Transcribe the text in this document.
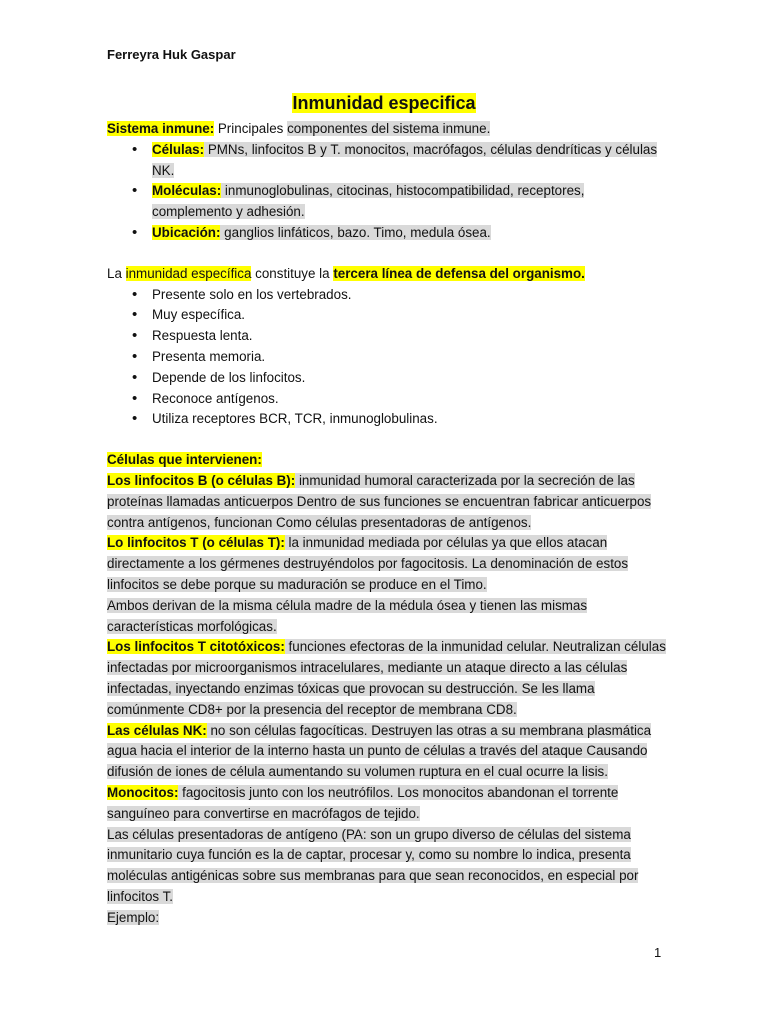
Ferreyra Huk Gaspar
Inmunidad especifica

Sistema inmune: Principales componentes del sistema inmune.

• Células: PMNs, linfocitos B y T. monocitos, macrófagos, células dendríticas y células NK.
• Moléculas: inmunoglobulinas, citocinas, histocompatibilidad, receptores, complemento y adhesión.
• Ubicación: ganglios linfáticos, bazo. Timo, medula ósea.

La inmunidad específica constituye la tercera línea de defensa del organismo.

• Presente solo en los vertebrados.
• Muy específica.
• Respuesta lenta.
• Presenta memoria.
• Depende de los linfocitos.
• Reconoce antígenos.
• Utiliza receptores BCR, TCR, inmunoglobulinas.

Células que intervienen:

Los linfocitos B (o células B): inmunidad humoral caracterizada por la secreción de las proteínas llamadas anticuerpos Dentro de sus funciones se encuentran fabricar anticuerpos contra antígenos, funcionan Como células presentadoras de antígenos.

Lo linfocitos T (o células T): la inmunidad mediada por células ya que ellos atacan directamente a los gérmenes destruyéndolos por fagocitosis. La denominación de estos linfocitos se debe porque su maduración se produce en el Timo.

Ambos derivan de la misma célula madre de la médula ósea y tienen las mismas características morfológicas.

Los linfocitos T citotóxicos: funciones efectoras de la inmunidad celular. Neutralizan células infectadas por microorganismos intracelulares, mediante un ataque directo a las células infectadas, inyectando enzimas tóxicas que provocan su destrucción. Se les llama comúnmente CD8+ por la presencia del receptor de membrana CD8.

Las células NK: no son células fagocíticas. Destruyen las otras a su membrana plasmática agua hacia el interior de la interno hasta un punto de células a través del ataque Causando difusión de iones de célula aumentando su volumen ruptura en el cual ocurre la lisis.

Monocitos: fagocitosis junto con los neutrófilos. Los monocitos abandonan el torrente sanguíneo para convertirse en macrófagos de tejido.

Las células presentadoras de antígeno (PA: son un grupo diverso de células del sistema inmunitario cuya función es la de captar, procesar y, como su nombre lo indica, presenta moléculas antigénicas sobre sus membranas para que sean reconocidos, en especial por linfocitos T.

Ejemplo:

1
